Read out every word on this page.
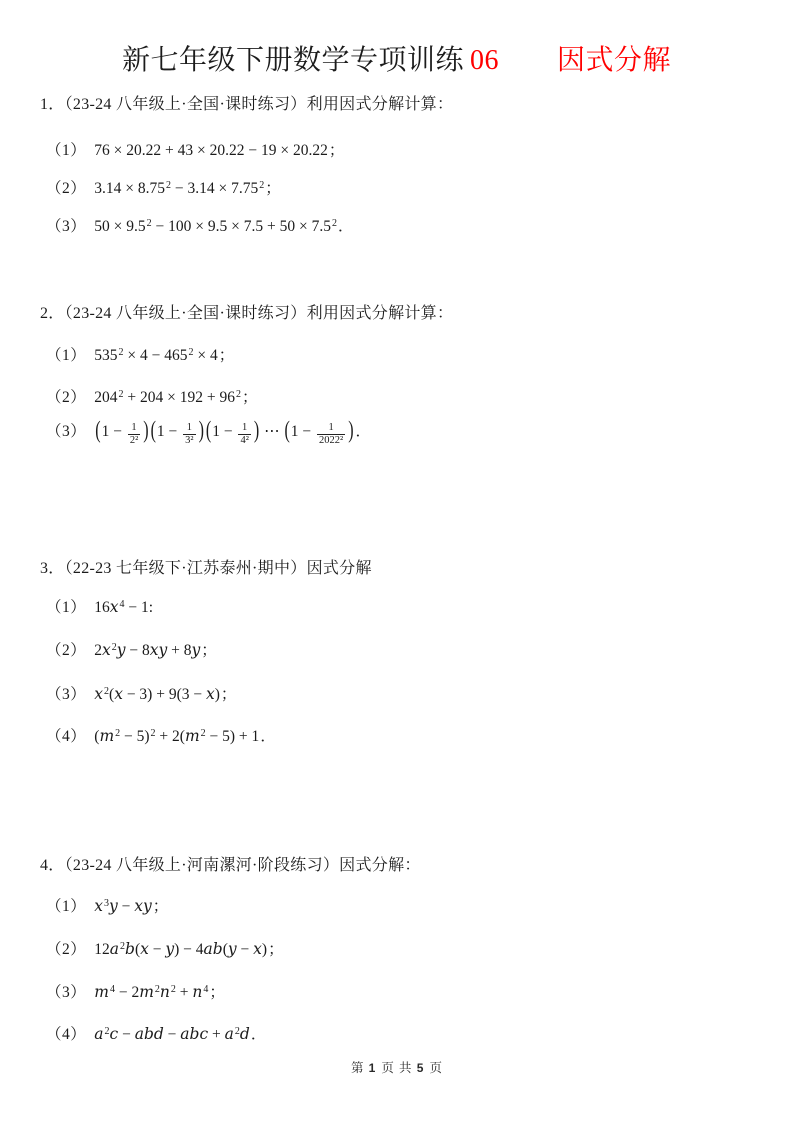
新七年级下册数学专项训练 06 因式分解
1．（23-24 八年级上·全国·课时练习）利用因式分解计算：
（1） 76 × 20.22 + 43 × 20.22 − 19 × 20.22；
（2） $3.14 \times 8.75^2 - 3.14 \times 7.75^2$；
（3） $50 \times 9.5^2 - 100 \times 9.5 \times 7.5 + 50 \times 7.5^2$．
2．（23-24 八年级上·全国·课时练习）利用因式分解计算：
（1） $535^2 \times 4 - 465^2 \times 4$；
（2） $204^2 + 204 \times 192 + 96^2$；
（3） ($1 - \frac{1}{\text{2²}}$ ) ($1 - \frac{1}{\text{3²}}$ ) ($1 - \frac{1}{\text{4²}}$ ) ⋯ ($1 - \frac{1}{\text{2022²}}$ ) ．
3．（22-23 七年级下·江苏泰州·期中）因式分解
（1） $16x^4 - 1$:
（2） $2x^2y - 8xy + 8y$；
（3） $x^2(x - 3) + 9(3 - x)$；
（4） $(m^2 - 5)^2 + 2(m^2 - 5) + 1$．
4．（23-24 八年级上·河南漯河·阶段练习）因式分解：
（1） $x^3y$ − xy；
（2） $12a^2b(x - y) - 4ab(y - x)$；
（3） $m^4 - 2m^2n^2 + n^4$；
（4） $a^2c$ − abd − abc + $a^2d$．
第 1 页 共 5 页
